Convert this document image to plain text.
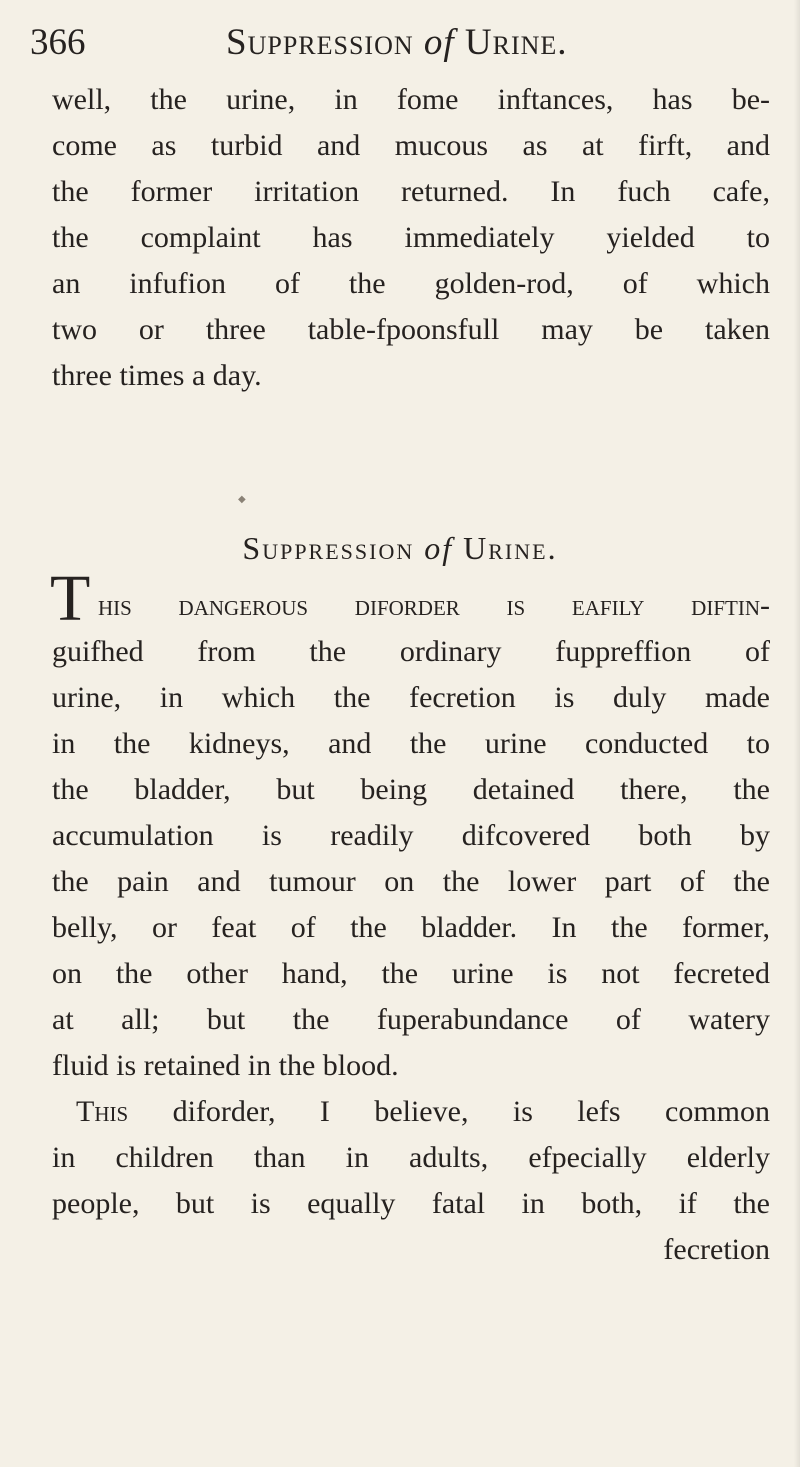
366	Suppression of Urine.
well, the urine, in fome inftances, has be-
come as turbid and mucous as at firft, and
the former irritation returned. In fuch cafe,
the complaint has immediately yielded to
an infufion of the golden-rod, of which
two or three table-fpoonsfull may be taken
three times a day.
◆
Suppression of Urine.
T his dangerous diforder is eafily diftin-
guifhed from the ordinary fuppreffion of
urine, in which the fecretion is duly made
in the kidneys, and the urine conducted to
the bladder, but being detained there, the
accumulation is readily difcovered both by
the pain and tumour on the lower part of the
belly, or feat of the bladder. In the former,
on the other hand, the urine is not fecreted
at all; but the fuperabundance of watery
fluid is retained in the blood.
This diforder, I believe, is lefs common
in children than in adults, efpecially elderly
people, but is equally fatal in both, if the
fecretion
